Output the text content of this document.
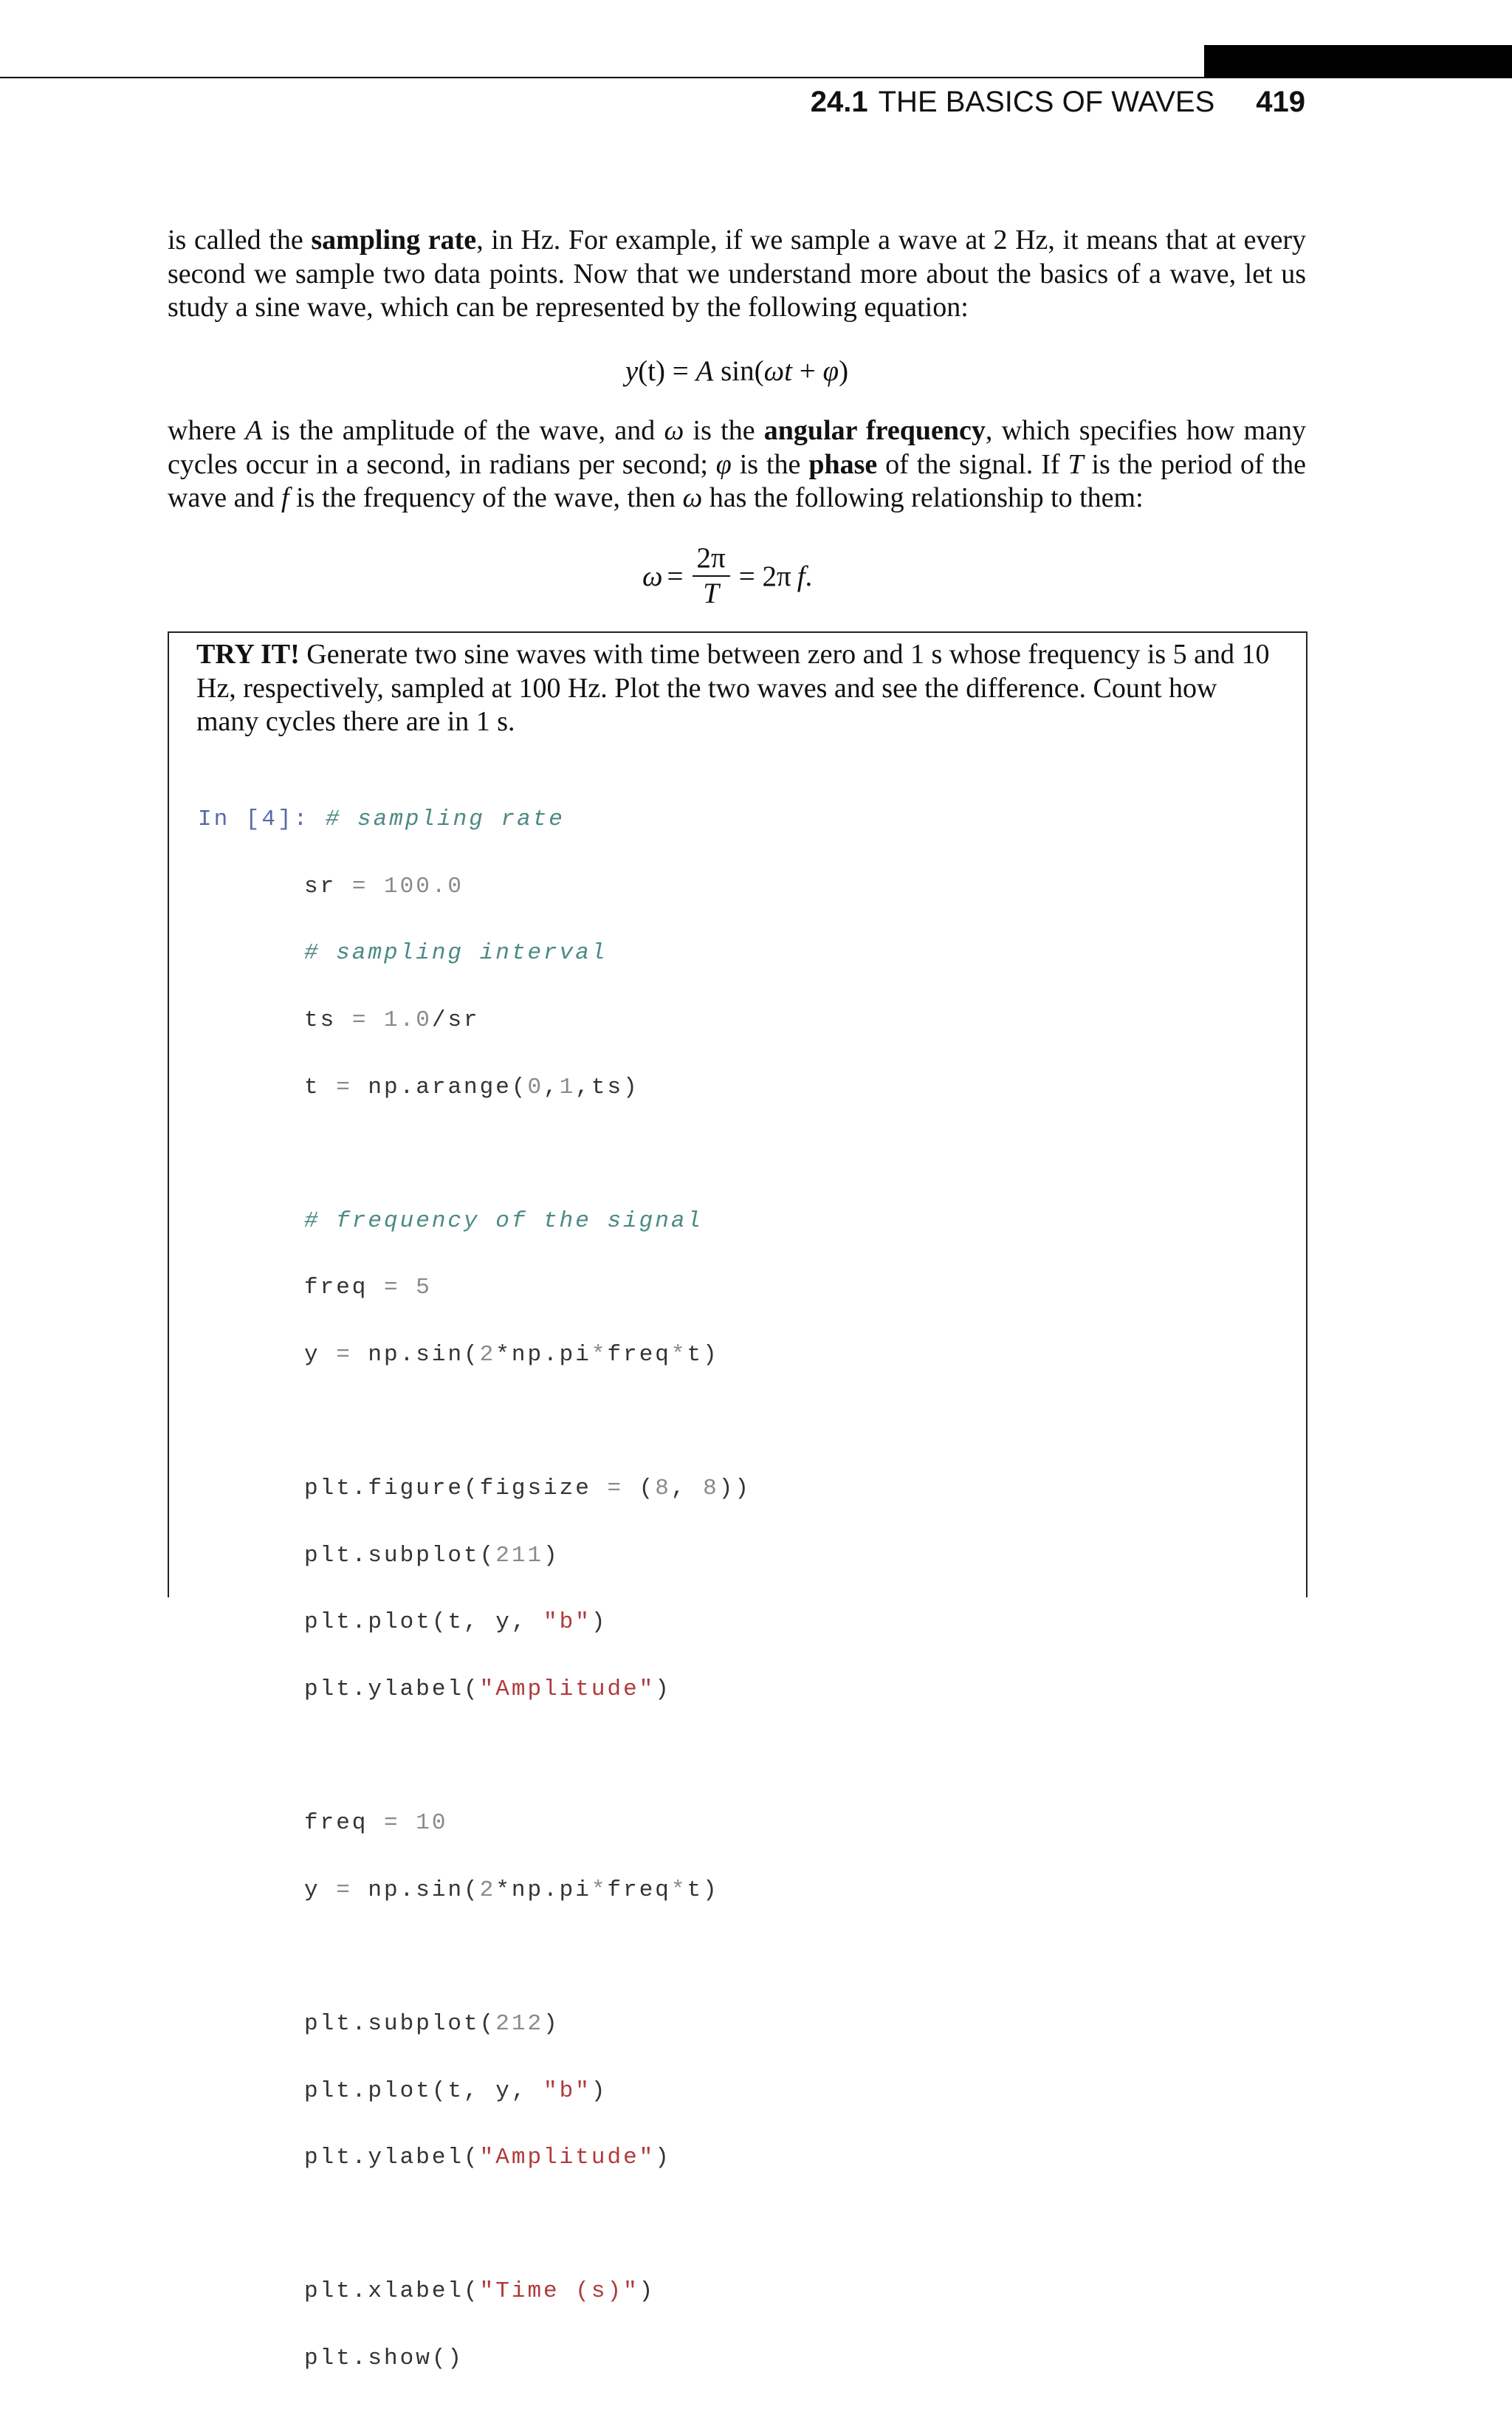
24.1 THE BASICS OF WAVES 419

is called the sampling rate, in Hz. For example, if we sample a wave at 2 Hz, it means that at every second we sample two data points. Now that we understand more about the basics of a wave, let us study a sine wave, which can be represented by the following equation:

y(t) = A sin(ωt + φ)

where A is the amplitude of the wave, and ω is the angular frequency, which specifies how many cycles occur in a second, in radians per second; φ is the phase of the signal. If T is the period of the wave and f is the frequency of the wave, then ω has the following relationship to them:

$\omega = \frac{2\pi}{T} = 2\pi$ f .

TRY IT! Generate two sine waves with time between zero and 1 s whose frequency is 5 and 10 Hz, respectively, sampled at 100 Hz. Plot the two waves and see the difference. Count how many cycles there are in 1 s.

In [4]: # sampling rate

sr = 100.0

# sampling interval

ts = 1.0/sr

t = np.arange(0,1,ts)

# frequency of the signal

freq = 5

y = np.sin(2*np.pi*freq*t)

plt.figure(figsize = (8, 8))

plt.subplot(211)

plt.plot(t, y, "b")

plt.ylabel("Amplitude")

freq = 10

y = np.sin(2*np.pi*freq*t)

plt.subplot(212)

plt.plot(t, y, "b")

plt.ylabel("Amplitude")

plt.xlabel("Time (s)")

plt.show()
